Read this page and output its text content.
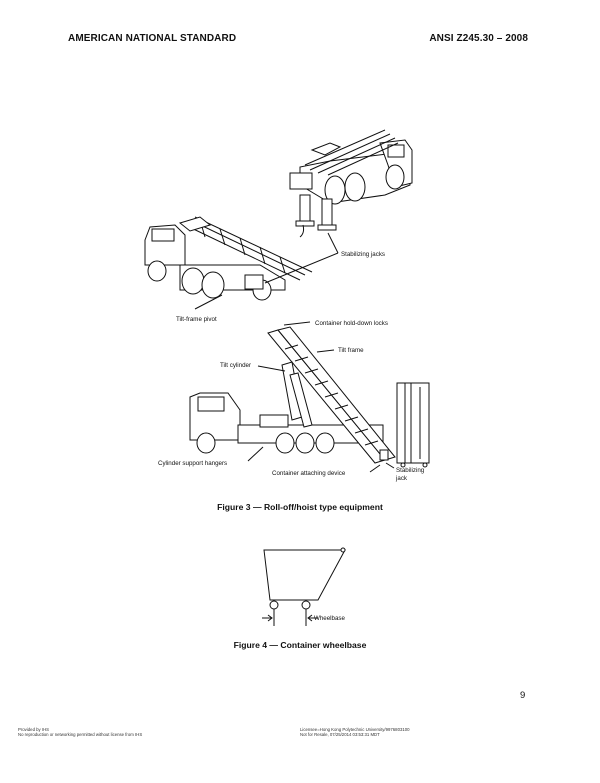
AMERICAN NATIONAL STANDARD	ANSI Z245.30 – 2008
Stabilizing jacks
Tilt-frame pivot
Container hold-down locks
Tilt frame
Tilt cylinder
Cylinder support hangers
Container attaching device	Stabilizing
jack
Figure 3 — Roll-off/hoist type equipment
Wheelbase
Figure 4 — Container wheelbase
9
Provided by IHS
No reproduction or networking permitted without license from IHS
Licensee=Hong Kong Polytechnic University/9976803100
Not for Resale, 07/25/2014 03:53:31 MDT
